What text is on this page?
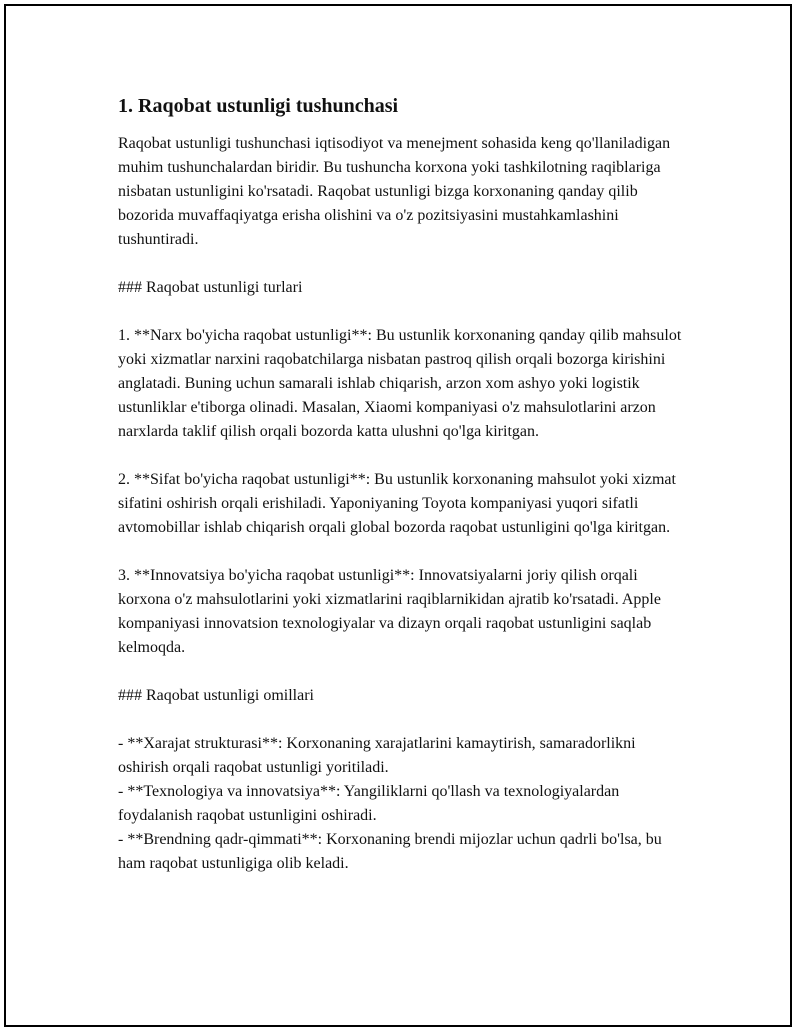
1. Raqobat ustunligi tushunchasi

Raqobat ustunligi tushunchasi iqtisodiyot va menejment sohasida keng qo'llaniladigan muhim tushunchalardan biridir. Bu tushuncha korxona yoki tashkilotning raqiblariga nisbatan ustunligini ko'rsatadi. Raqobat ustunligi bizga korxonaning qanday qilib bozorida muvaffaqiyatga erisha olishini va o'z pozitsiyasini mustahkamlashini tushuntiradi.

### Raqobat ustunligi turlari

1. **Narx bo'yicha raqobat ustunligi**: Bu ustunlik korxonaning qanday qilib mahsulot yoki xizmatlar narxini raqobatchilarga nisbatan pastroq qilish orqali bozorga kirishini anglatadi. Buning uchun samarali ishlab chiqarish, arzon xom ashyo yoki logistik ustunliklar e'tiborga olinadi. Masalan, Xiaomi kompaniyasi o'z mahsulotlarini arzon narxlarda taklif qilish orqali bozorda katta ulushni qo'lga kiritgan.

2. **Sifat bo'yicha raqobat ustunligi**: Bu ustunlik korxonaning mahsulot yoki xizmat sifatini oshirish orqali erishiladi. Yaponiyaning Toyota kompaniyasi yuqori sifatli avtomobillar ishlab chiqarish orqali global bozorda raqobat ustunligini qo'lga kiritgan.

3. **Innovatsiya bo'yicha raqobat ustunligi**: Innovatsiyalarni joriy qilish orqali korxona o'z mahsulotlarini yoki xizmatlarini raqiblarnikidan ajratib ko'rsatadi. Apple kompaniyasi innovatsion texnologiyalar va dizayn orqali raqobat ustunligini saqlab kelmoqda.

### Raqobat ustunligi omillari

- **Xarajat strukturasi**: Korxonaning xarajatlarini kamaytirish, samaradorlikni oshirish orqali raqobat ustunligi yoritiladi.
- **Texnologiya va innovatsiya**: Yangiliklarni qo'llash va texnologiyalardan foydalanish raqobat ustunligini oshiradi.
- **Brendning qadr-qimmati**: Korxonaning brendi mijozlar uchun qadrli bo'lsa, bu ham raqobat ustunligiga olib keladi.
